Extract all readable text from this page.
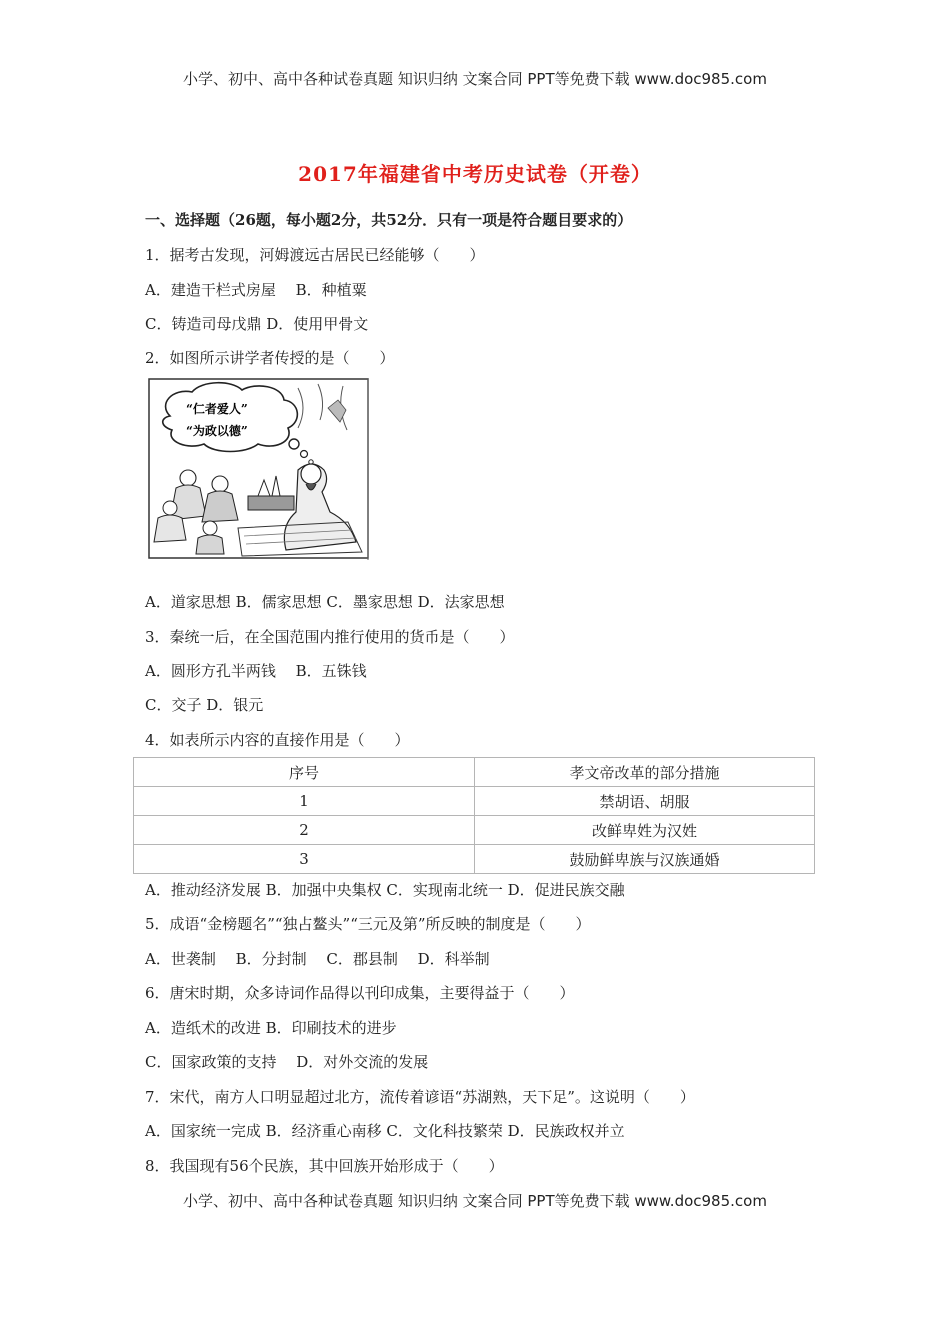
小学、初中、高中各种试卷真题 知识归纳 文案合同 PPT等免费下载 www.doc985.com
2017年福建省中考历史试卷（开卷）
一、选择题（26题，每小题2分，共52分．只有一项是符合题目要求的）
1．据考古发现，河姆渡远古居民已经能够（　　）
A．建造干栏式房屋　 B．种植粟
C．铸造司母戊鼎 D．使用甲骨文
2．如图所示讲学者传授的是（　　）
“仁者爱人”
“为政以德”
A．道家思想 B．儒家思想 C．墨家思想 D．法家思想
3．秦统一后，在全国范围内推行使用的货币是（　　）
A．圆形方孔半两钱　 B．五铢钱
C．交子 D．银元
4．如表所示内容的直接作用是（　　）
序号	孝文帝改革的部分措施
1	禁胡语、胡服
2	改鲜卑姓为汉姓
3	鼓励鲜卑族与汉族通婚
A．推动经济发展 B．加强中央集权 C．实现南北统一 D．促进民族交融
5．成语“金榜题名”“独占鳌头”“三元及第”所反映的制度是（　　）
A．世袭制　 B．分封制　 C．郡县制　 D．科举制
6．唐宋时期，众多诗词作品得以刊印成集，主要得益于（　　）
A．造纸术的改进 B．印刷技术的进步
C．国家政策的支持　 D．对外交流的发展
7．宋代，南方人口明显超过北方，流传着谚语“苏湖熟，天下足”。这说明（　　）
A．国家统一完成 B．经济重心南移 C．文化科技繁荣 D．民族政权并立
8．我国现有56个民族，其中回族开始形成于（　　）
小学、初中、高中各种试卷真题 知识归纳 文案合同 PPT等免费下载 www.doc985.com
